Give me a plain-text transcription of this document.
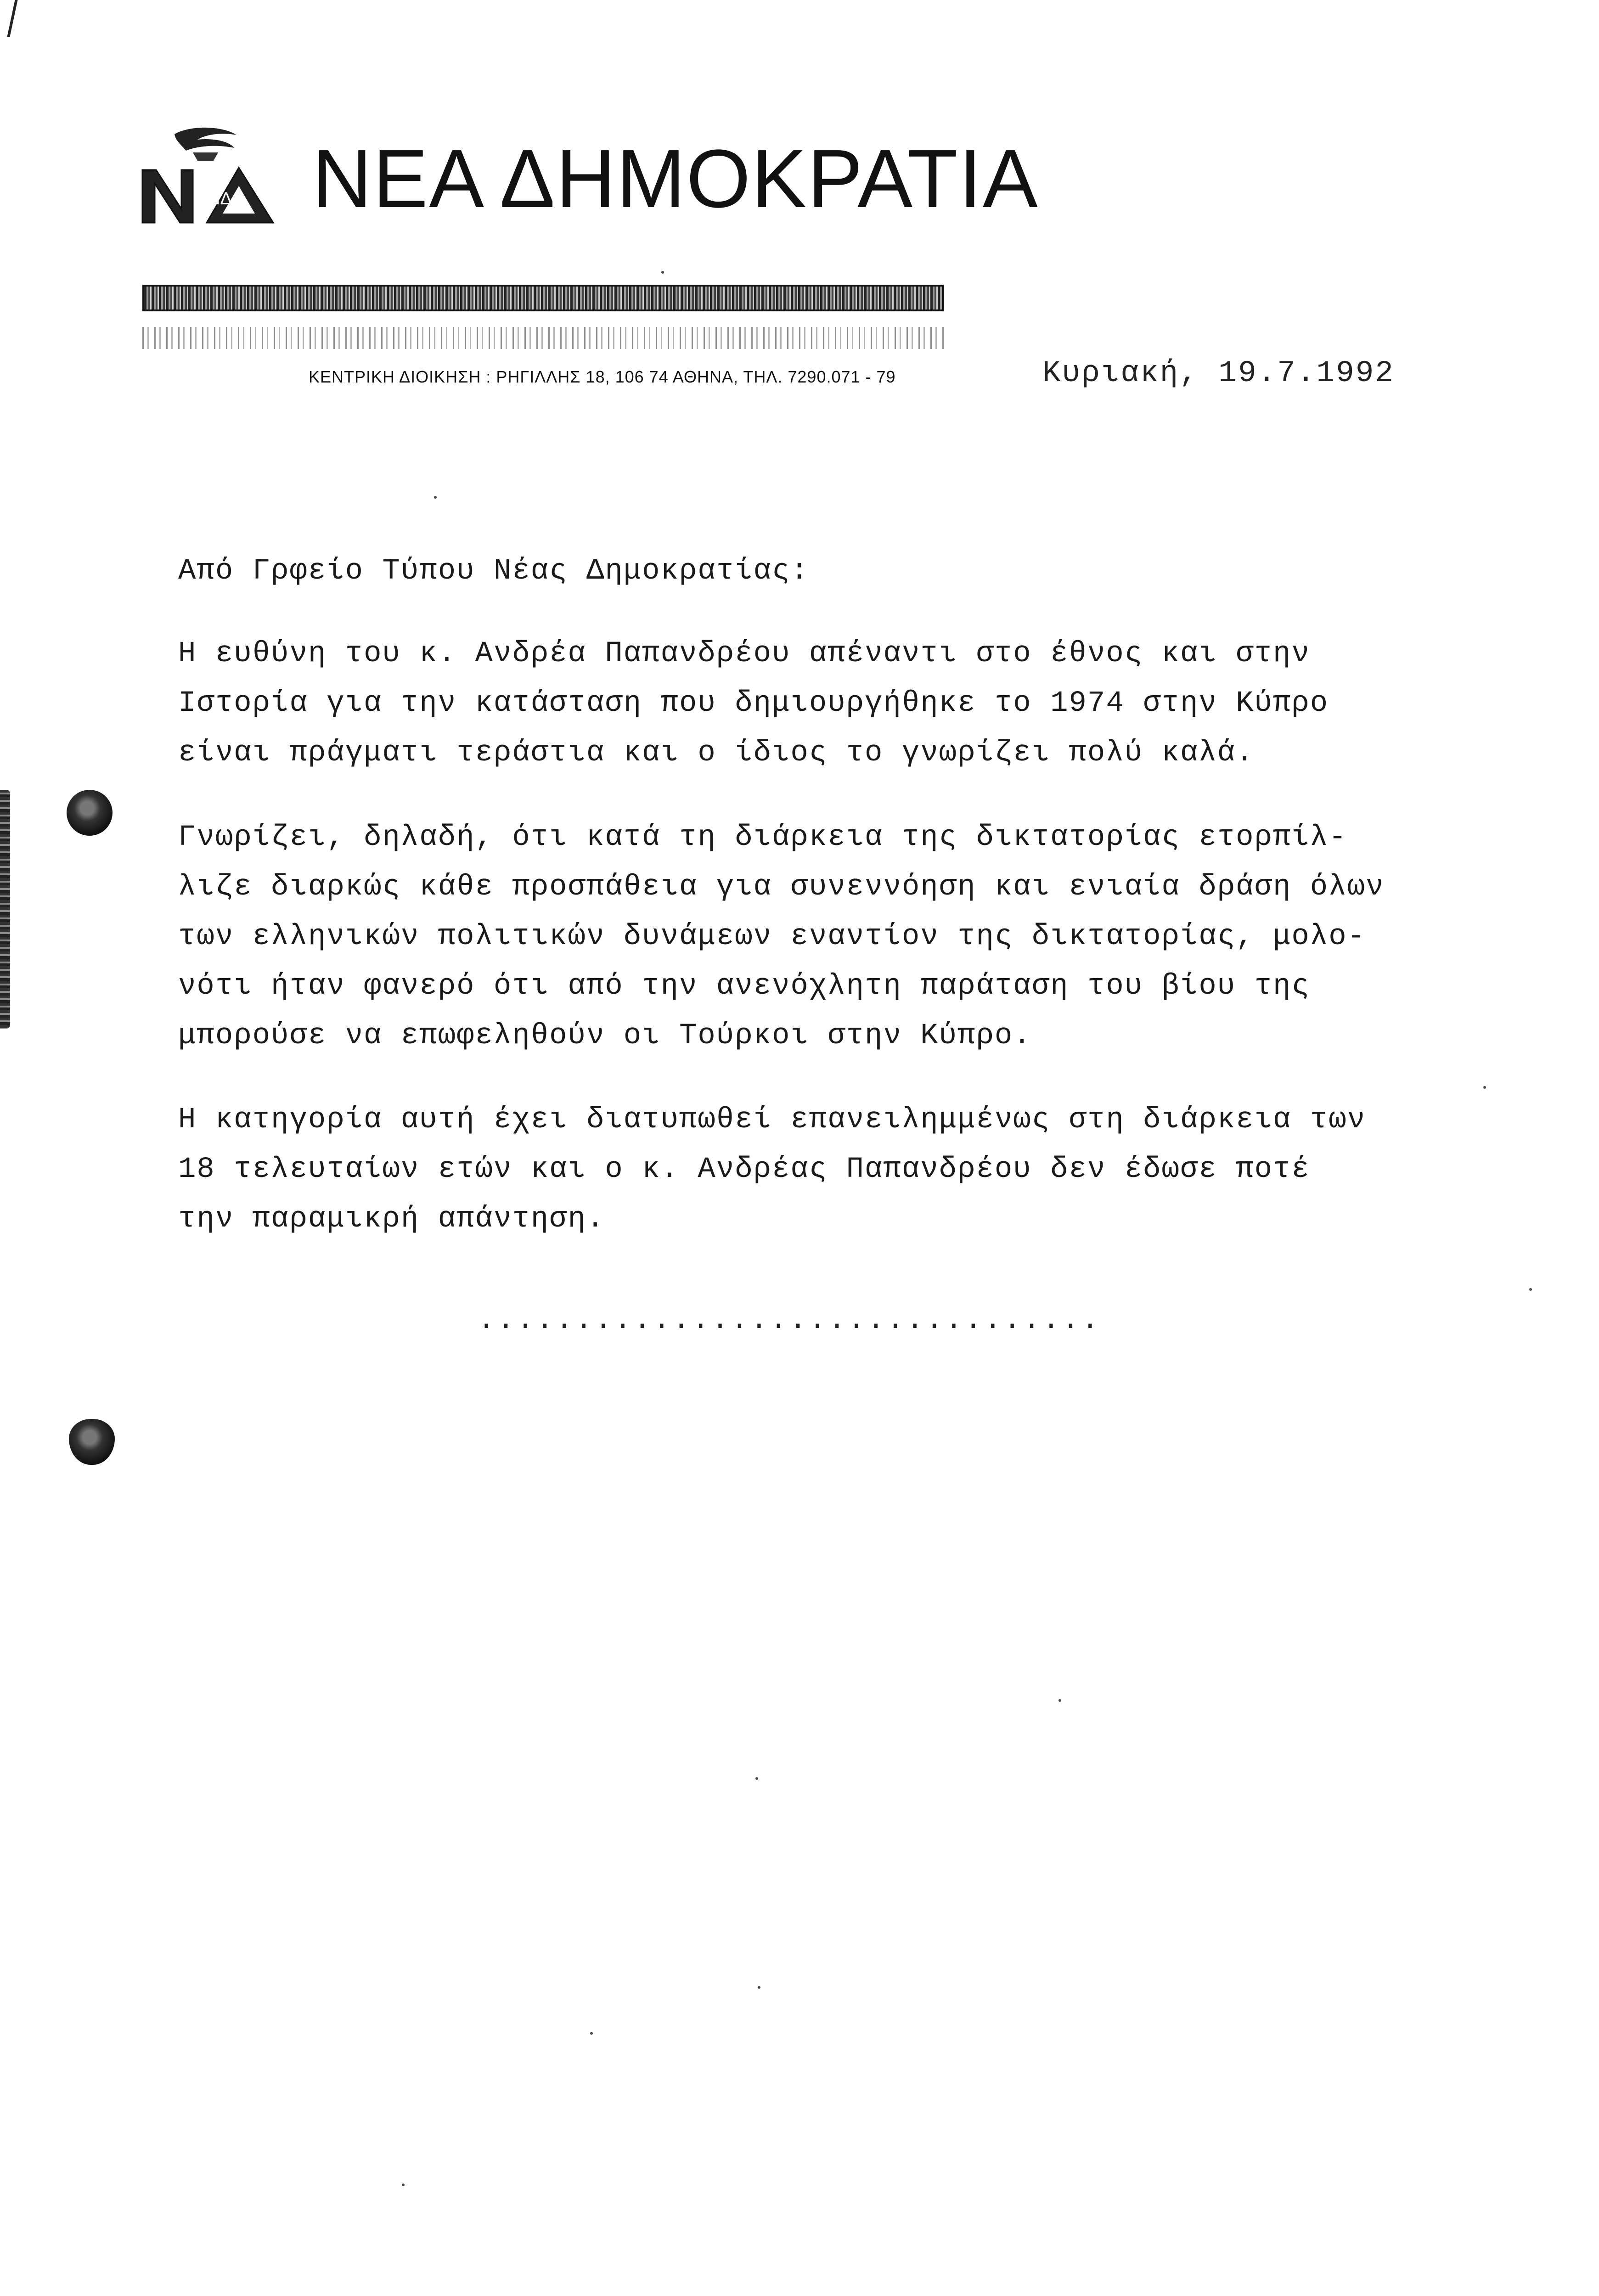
ΝΔ ΝΕΑ ΔΗΜΟΚΡΑΤΙΑ
ΚΕΝΤΡΙΚΗ ΔΙΟΙΚΗΣΗ : ΡΗΓΙΛΛΗΣ 18, 106 74 ΑΘΗΝΑ, ΤΗΛ. 7290.071 - 79	Κυριακή, 19.7.1992
Από Γρφείο Τύπου Νέας Δημοκρατίας:
Η ευθύνη του κ. Ανδρέα Παπανδρέου απέναντι στο έθνος και στην
Ιστορία για την κατάσταση που δημιουργήθηκε το 1974 στην Κύπρο
είναι πράγματι τεράστια και ο ίδιος το γνωρίζει πολύ καλά.
Γνωρίζει, δηλαδή, ότι κατά τη διάρκεια της δικτατορίας ετορπίλ-
λιζε διαρκώς κάθε προσπάθεια για συνεννόηση και ενιαία δράση όλων
των ελληνικών πολιτικών δυνάμεων εναντίον της δικτατορίας, μολο-
νότι ήταν φανερό ότι από την ανενόχλητη παράταση του βίου της
μπορούσε να επωφεληθούν οι Τούρκοι στην Κύπρο.
Η κατηγορία αυτή έχει διατυπωθεί επανειλημμένως στη διάρκεια των
18 τελευταίων ετών και ο κ. Ανδρέας Παπανδρέου δεν έδωσε ποτέ
την παραμικρή απάντηση.
................................
